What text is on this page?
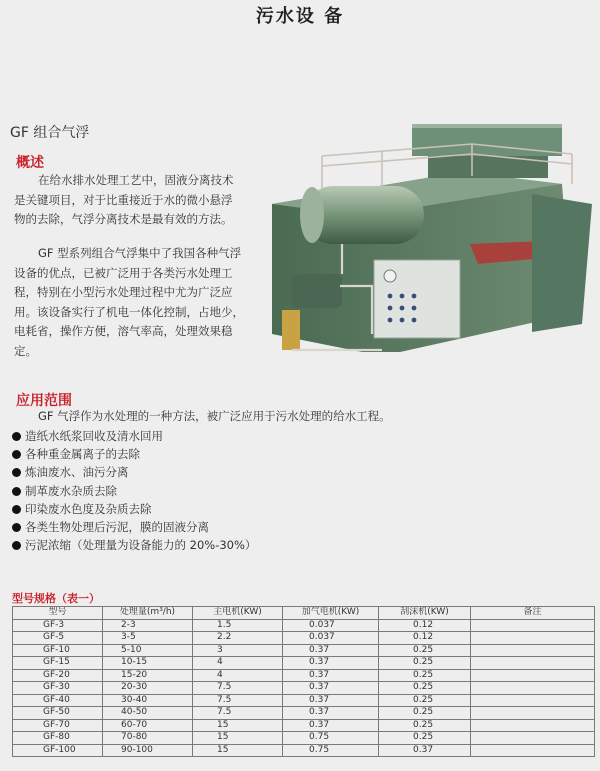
污水设 备
GF 组合气浮
概述
在给水排水处理工艺中，固液分离技术是关键项目，对于比重接近于水的微小悬浮物的去除，气浮分离技术是最有效的方法。
GF 型系列组合气浮集中了我国各种气浮设备的优点，已被广泛用于各类污水处理工程，特别在小型污水处理过程中尤为广泛应用。该设备实行了机电一体化控制，占地少，电耗省，操作方便，溶气率高，处理效果稳定。
应用范围
GF 气浮作为水处理的一种方法，被广泛应用于污水处理的给水工程。
造纸水纸浆回收及清水回用
各种重金属离子的去除
炼油废水、油污分离
制革废水杂质去除
印染废水色度及杂质去除
各类生物处理后污泥，膜的固液分离
污泥浓缩（处理量为设备能力的 20%-30%）
型号规格（表一）
型号	处理量(m³/h)	主电机(KW)	加气电机(KW)	刮沫机(KW)	备注
GF-3	2-3	1.5	0.037	0.12	
GF-5	3-5	2.2	0.037	0.12	
GF-10	5-10	3	0.37	0.25	
GF-15	10-15	4	0.37	0.25	
GF-20	15-20	4	0.37	0.25	
GF-30	20-30	7.5	0.37	0.25	
GF-40	30-40	7.5	0.37	0.25	
GF-50	40-50	7.5	0.37	0.25	
GF-70	60-70	15	0.37	0.25	
GF-80	70-80	15	0.75	0.25	
GF-100	90-100	15	0.75	0.37	
